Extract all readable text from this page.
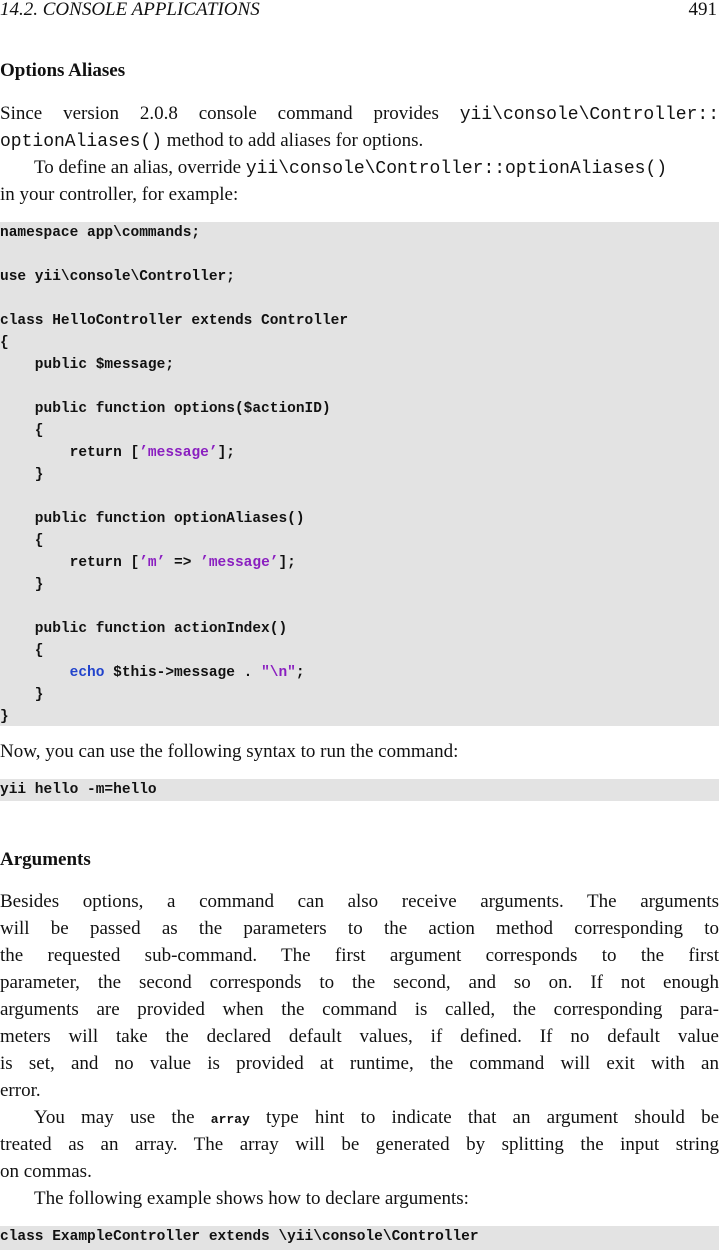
14.2. CONSOLE APPLICATIONS	491
Options Aliases
Since version 2.0.8 console command provides yii\console\Controller::
optionAliases() method to add aliases for options.
To define an alias, override yii\console\Controller::optionAliases()
in your controller, for example:
namespace app\commands;
use yii\console\Controller;
class HelloController extends Controller
{
public $message;
public function options($actionID)
{
return [’message’];
}
public function optionAliases()
{
return [’m’ => ’message’];
}
public function actionIndex()
{
echo $this->message . "\n";
}
}
Now, you can use the following syntax to run the command:
yii hello -m=hello
Arguments
Besides options, a command can also receive arguments. The arguments
will be passed as the parameters to the action method corresponding to
the requested sub-command. The first argument corresponds to the first
parameter, the second corresponds to the second, and so on. If not enough
arguments are provided when the command is called, the corresponding para-
meters will take the declared default values, if defined. If no default value
is set, and no value is provided at runtime, the command will exit with an
error.
You may use the array type hint to indicate that an argument should be
treated as an array. The array will be generated by splitting the input string
on commas.
The following example shows how to declare arguments:
class ExampleController extends \yii\console\Controller
